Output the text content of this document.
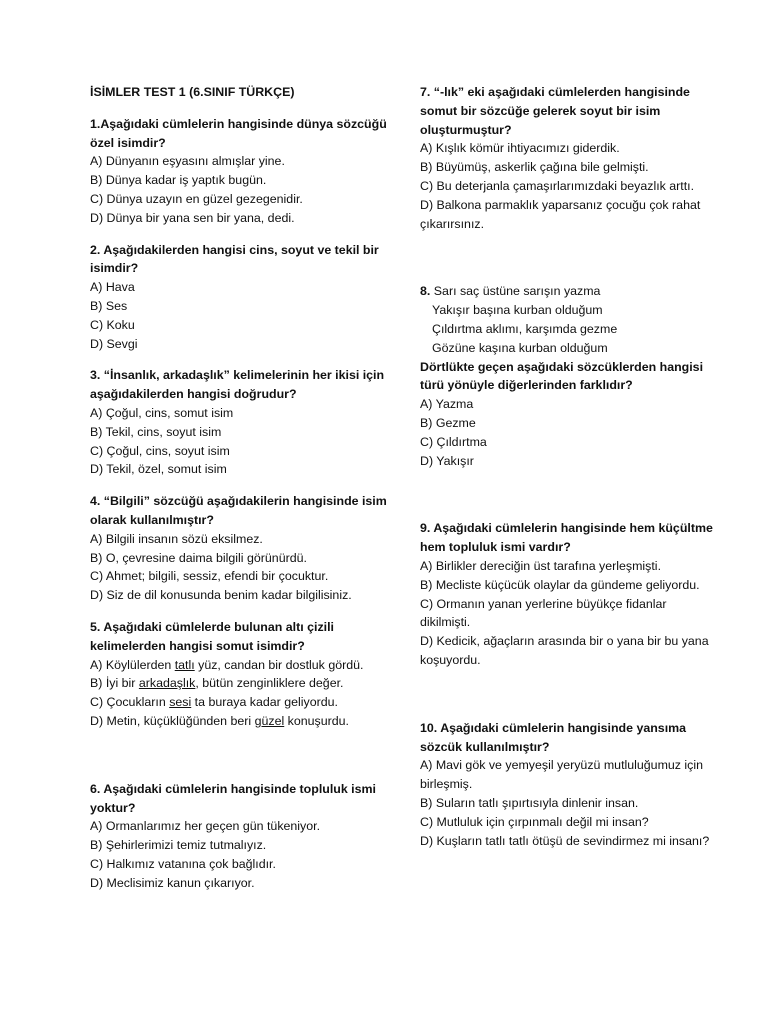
İSİMLER TEST 1 (6.SINIF TÜRKÇE)
1.Aşağıdaki cümlelerin hangisinde dünya sözcüğü özel isimdir?
A) Dünyanın eşyasını almışlar yine.
B) Dünya kadar iş yaptık bugün.
C) Dünya uzayın en güzel gezegenidir.
D) Dünya bir yana sen bir yana, dedi.
2. Aşağıdakilerden hangisi cins, soyut ve tekil bir isimdir?
A) Hava
B) Ses
C) Koku
D) Sevgi
3. “İnsanlık, arkadaşlık” kelimelerinin her ikisi için aşağıdakilerden hangisi doğrudur?
A) Çoğul, cins, somut isim
B) Tekil, cins, soyut isim
C) Çoğul, cins, soyut isim
D) Tekil, özel, somut isim
4. “Bilgili” sözcüğü aşağıdakilerin hangisinde isim olarak kullanılmıştır?
A) Bilgili insanın sözü eksilmez.
B) O, çevresine daima bilgili görünürdü.
C) Ahmet; bilgili, sessiz, efendi bir çocuktur.
D) Siz de dil konusunda benim kadar bilgilisiniz.
5. Aşağıdaki cümlelerde bulunan altı çizili kelimelerden hangisi somut isimdir?
A) Köylülerden tatlı yüz, candan bir dostluk gördü.
B) İyi bir arkadaşlık, bütün zenginliklere değer.
C) Çocukların sesi ta buraya kadar geliyordu.
D) Metin, küçüklüğünden beri güzel konuşurdu.
6. Aşağıdaki cümlelerin hangisinde topluluk ismi yoktur?
A) Ormanlarımız her geçen gün tükeniyor.
B) Şehirlerimizi temiz tutmalıyız.
C) Halkımız vatanına çok bağlıdır.
D) Meclisimiz kanun çıkarıyor.
7. “-lık” eki aşağıdaki cümlelerden hangisinde somut bir sözcüğe gelerek soyut bir isim oluşturmuştur?
A) Kışlık kömür ihtiyacımızı giderdik.
B) Büyümüş, askerlik çağına bile gelmişti.
C) Bu deterjanla çamaşırlarımızdaki beyazlık arttı.
D) Balkona parmaklık yaparsanız çocuğu çok rahat çıkarırsınız.
8. Sarı saç üstüne sarışın yazma
Yakışır başına kurban olduğum
Çıldırtma aklımı, karşımda gezme
Gözüne kaşına kurban olduğum
Dörtlükte geçen aşağıdaki sözcüklerden hangisi türü yönüyle diğerlerinden farklıdır?
A) Yazma
B) Gezme
C) Çıldırtma
D) Yakışır
9. Aşağıdaki cümlelerin hangisinde hem küçültme hem topluluk ismi vardır?
A) Birlikler dereciğin üst tarafına yerleşmişti.
B) Mecliste küçücük olaylar da gündeme geliyordu.
C) Ormanın yanan yerlerine büyükçe fidanlar dikilmişti.
D) Kedicik, ağaçların arasında bir o yana bir bu yana koşuyordu.
10. Aşağıdaki cümlelerin hangisinde yansıma sözcük kullanılmıştır?
A) Mavi gök ve yemyeşil yeryüzü mutluluğumuz için birleşmiş.
B) Suların tatlı şıpırtısıyla dinlenir insan.
C) Mutluluk için çırpınmalı değil mi insan?
D) Kuşların tatlı tatlı ötüşü de sevindirmez mi insanı?
